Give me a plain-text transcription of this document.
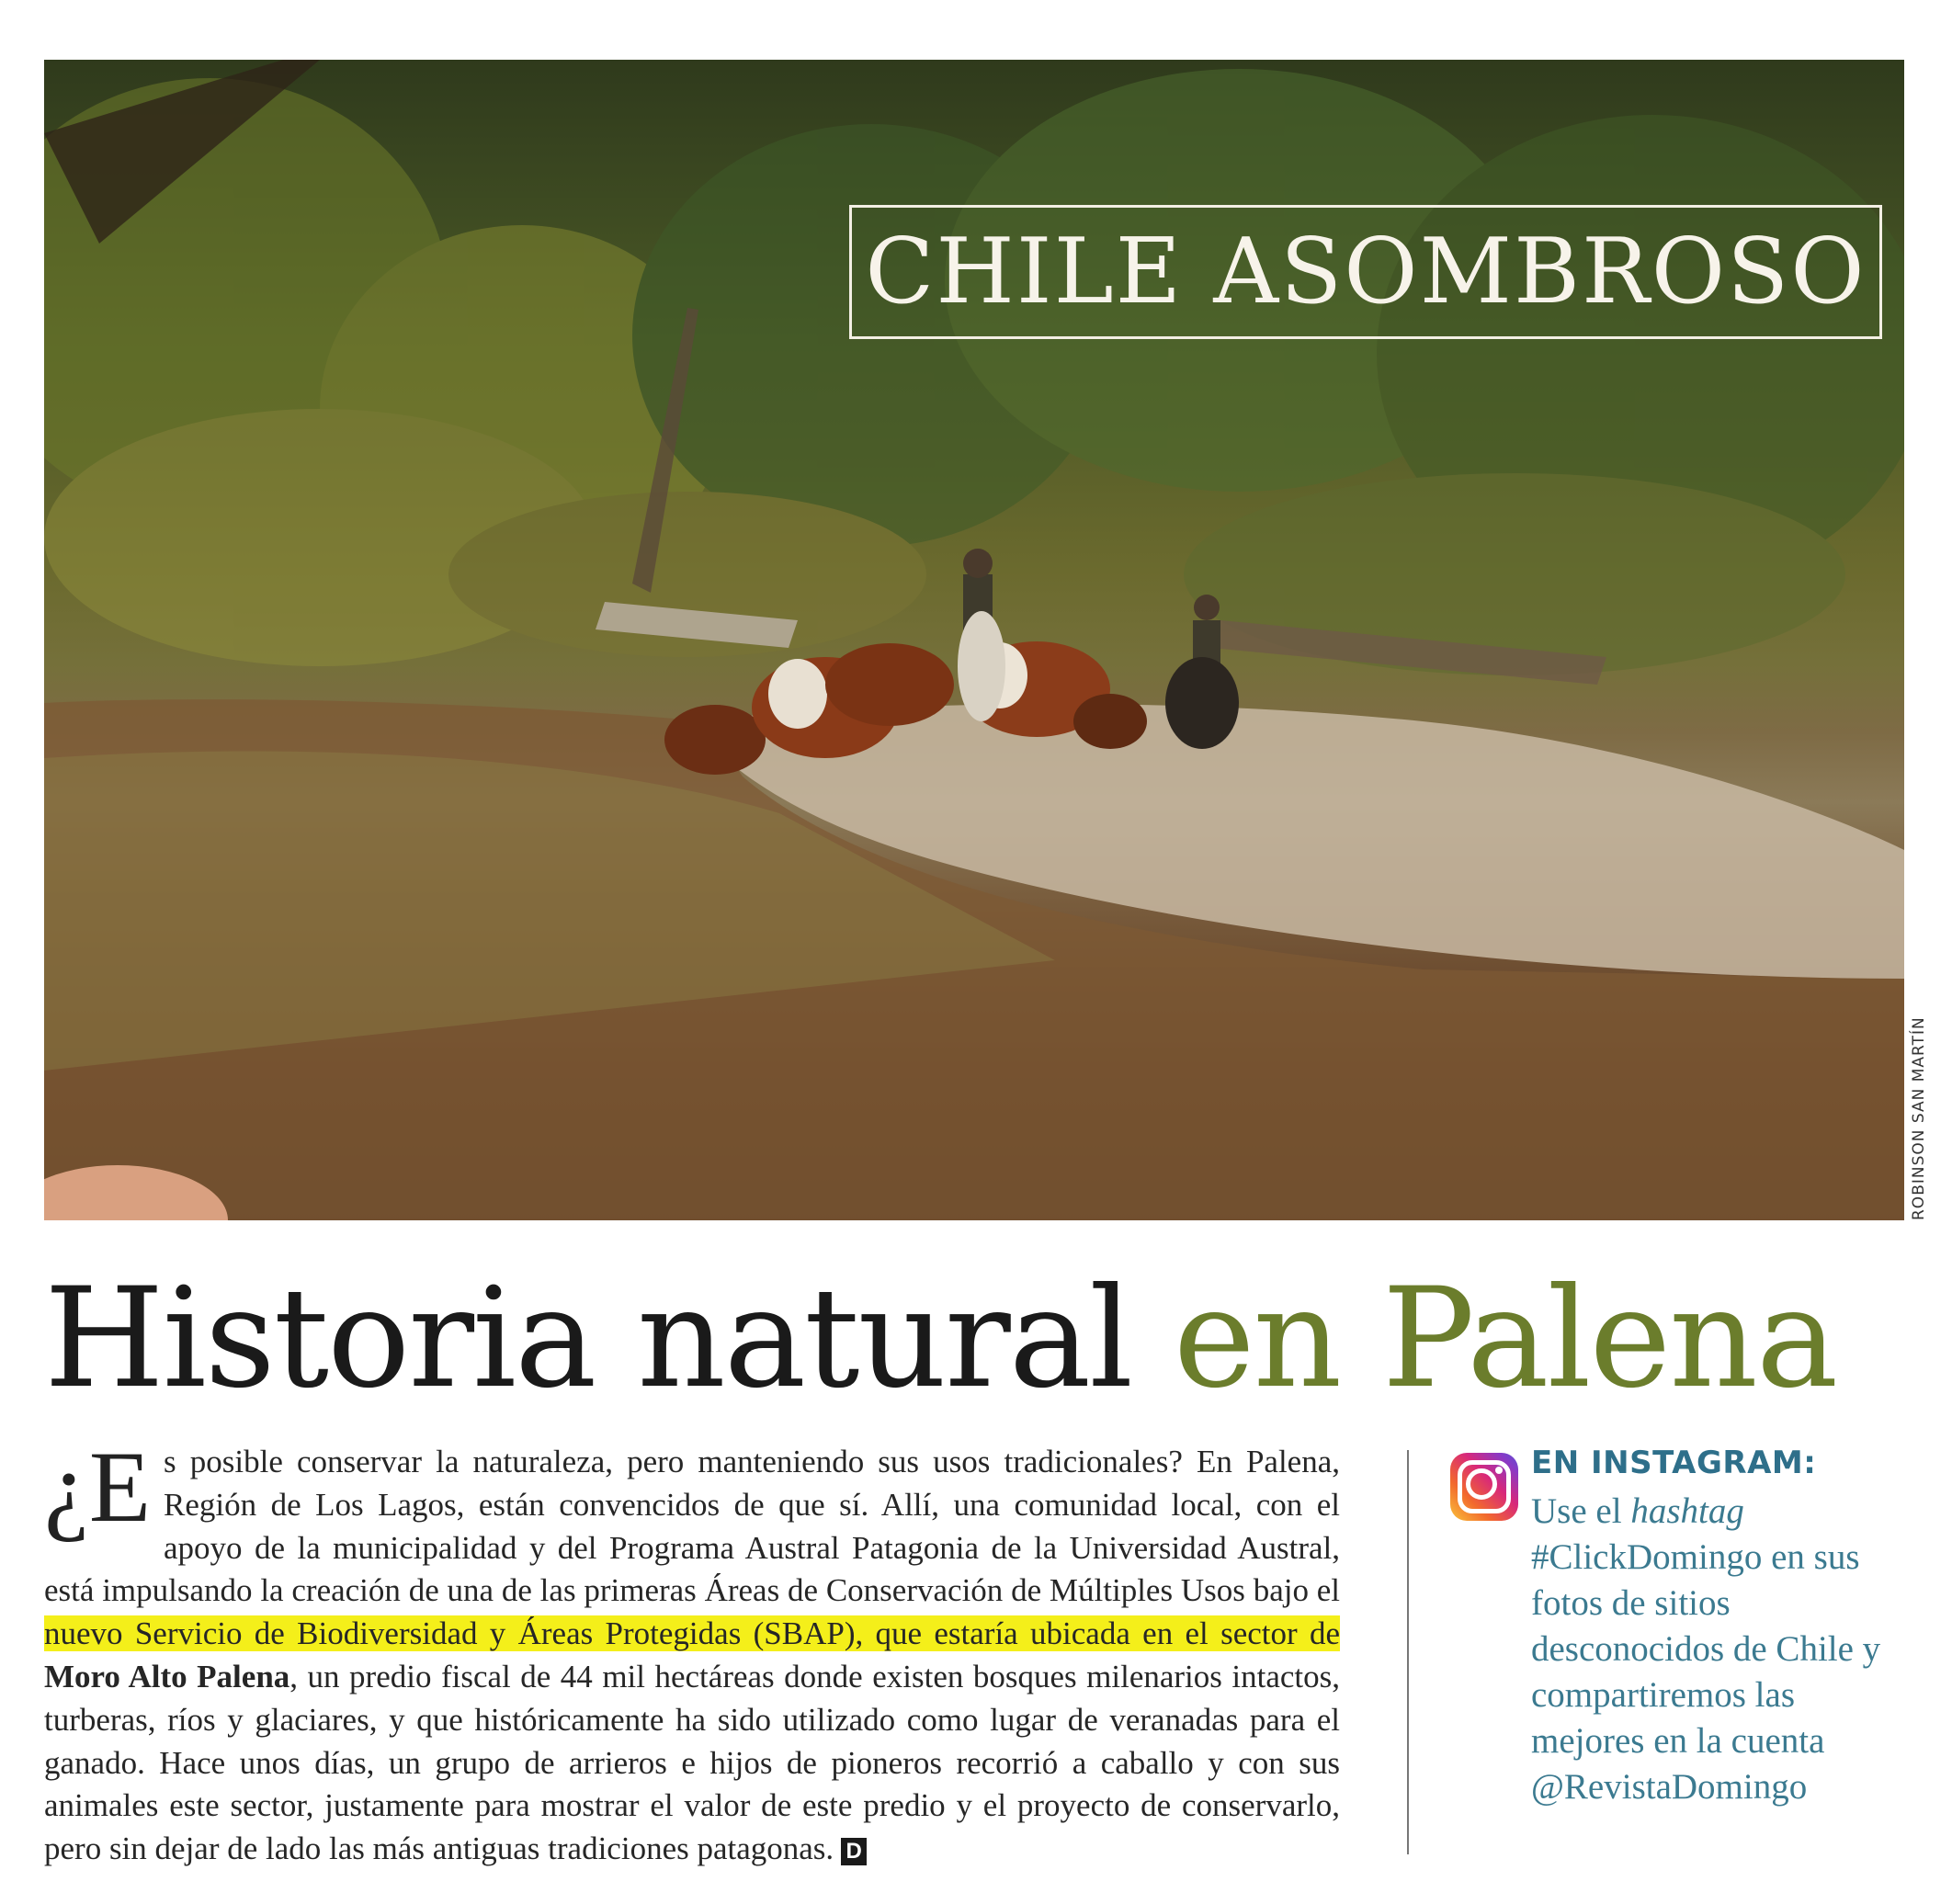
CHILE ASOMBROSO
ROBINSON SAN MARTÍN
Historia natural en Palena
¿E s posible conservar la naturaleza, pero manteniendo sus usos tradicionales? En Palena, Región de Los Lagos, están convencidos de que sí. Allí, una comunidad local, con el apoyo de la municipalidad y del Programa Austral Patagonia de la Universidad Austral, está impulsando la creación de una de las primeras Áreas de Conservación de Múltiples Usos bajo el nuevo Servicio de Biodiversidad y Áreas Protegidas (SBAP), que estaría ubicada en el sector de Moro Alto Palena, un predio fiscal de 44 mil hectáreas donde existen bosques milenarios intactos, turberas, ríos y glaciares, y que históricamente ha sido utilizado como lugar de veranadas para el ganado. Hace unos días, un grupo de arrieros e hijos de pioneros recorrió a caballo y con sus animales este sector, justamente para mostrar el valor de este predio y el proyecto de conservarlo, pero sin dejar de lado las más antiguas tradiciones patagonas. D
EN INSTAGRAM:
Use el hashtag
#ClickDomingo en sus fotos de sitios desconocidos de Chile y compartiremos las mejores en la cuenta @RevistaDomingo
